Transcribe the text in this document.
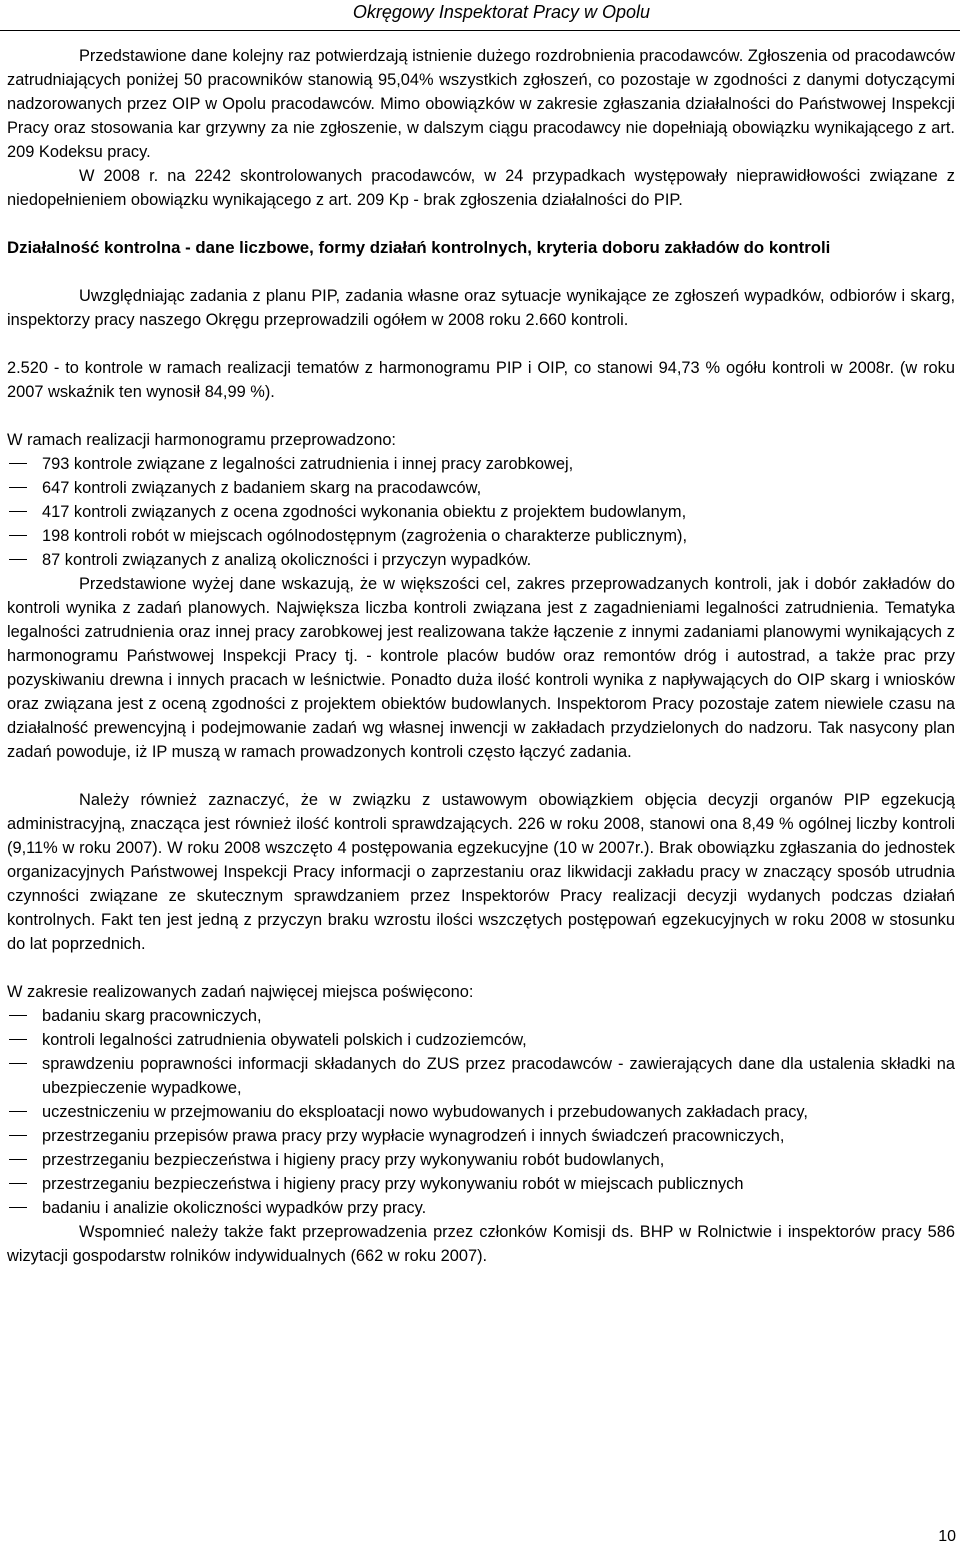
Okręgowy Inspektorat Pracy w Opolu

Przedstawione dane kolejny raz potwierdzają istnienie dużego rozdrobnienia pracodawców. Zgłoszenia od pracodawców zatrudniających poniżej 50 pracowników stanowią 95,04% wszystkich zgłoszeń, co pozostaje w zgodności z danymi dotyczącymi nadzorowanych przez OIP w Opolu pracodawców. Mimo obowiązków w zakresie zgłaszania działalności do Państwowej Inspekcji Pracy oraz stosowania kar grzywny za nie zgłoszenie, w dalszym ciągu pracodawcy nie dopełniają obowiązku wynikającego z art. 209 Kodeksu pracy.

W 2008 r. na 2242 skontrolowanych pracodawców, w 24 przypadkach występowały nieprawidłowości związane z niedopełnieniem obowiązku wynikającego z art. 209 Kp - brak zgłoszenia działalności do PIP.

Działalność kontrolna - dane liczbowe, formy działań kontrolnych, kryteria doboru zakładów do kontroli

Uwzględniając zadania z planu PIP, zadania własne oraz sytuacje wynikające ze zgłoszeń wypadków, odbiorów i skarg, inspektorzy pracy naszego Okręgu przeprowadzili ogółem w 2008 roku 2.660 kontroli.

2.520 - to kontrole w ramach realizacji tematów z harmonogramu PIP i OIP, co stanowi 94,73 % ogółu kontroli w 2008r. (w roku 2007 wskaźnik ten wynosił 84,99 %).

W ramach realizacji harmonogramu przeprowadzono:

793 kontrole związane z legalności zatrudnienia i innej pracy zarobkowej,
647 kontroli związanych z badaniem skarg na pracodawców,
417 kontroli związanych z ocena zgodności wykonania obiektu z projektem budowlanym,
198 kontroli robót w miejscach ogólnodostępnym (zagrożenia o charakterze publicznym),
87 kontroli związanych z analizą okoliczności i przyczyn wypadków.

Przedstawione wyżej dane wskazują, że w większości cel, zakres przeprowadzanych kontroli, jak i dobór zakładów do kontroli wynika z zadań planowych. Największa liczba kontroli związana jest z zagadnieniami legalności zatrudnienia. Tematyka legalności zatrudnienia oraz innej pracy zarobkowej jest realizowana także łączenie z innymi zadaniami planowymi wynikających z harmonogramu Państwowej Inspekcji Pracy tj. - kontrole placów budów oraz remontów dróg i autostrad, a także prac przy pozyskiwaniu drewna i innych pracach w leśnictwie. Ponadto duża ilość kontroli wynika z napływających do OIP skarg i wniosków oraz związana jest z oceną zgodności z projektem obiektów budowlanych. Inspektorom Pracy pozostaje zatem niewiele czasu na działalność prewencyjną i podejmowanie zadań wg własnej inwencji w zakładach przydzielonych do nadzoru. Tak nasycony plan zadań powoduje, iż IP muszą w ramach prowadzonych kontroli często łączyć zadania.

Należy również zaznaczyć, że w związku z ustawowym obowiązkiem objęcia decyzji organów PIP egzekucją administracyjną, znacząca jest również ilość kontroli sprawdzających. 226 w roku 2008, stanowi ona 8,49 % ogólnej liczby kontroli (9,11% w roku 2007). W roku 2008 wszczęto 4 postępowania egzekucyjne (10 w 2007r.). Brak obowiązku zgłaszania do jednostek organizacyjnych Państwowej Inspekcji Pracy informacji o zaprzestaniu oraz likwidacji zakładu pracy w znaczący sposób utrudnia czynności związane ze skutecznym sprawdzaniem przez Inspektorów Pracy realizacji decyzji wydanych podczas działań kontrolnych. Fakt ten jest jedną z przyczyn braku wzrostu ilości wszczętych postępowań egzekucyjnych w roku 2008 w stosunku do lat poprzednich.

W zakresie realizowanych zadań najwięcej miejsca poświęcono:

badaniu skarg pracowniczych,
kontroli legalności zatrudnienia obywateli polskich i cudzoziemców,
sprawdzeniu poprawności informacji składanych do ZUS przez pracodawców - zawierających dane dla ustalenia składki na ubezpieczenie wypadkowe,
uczestniczeniu w przejmowaniu do eksploatacji nowo wybudowanych i przebudowanych zakładach pracy,
przestrzeganiu przepisów prawa pracy przy wypłacie wynagrodzeń i innych świadczeń pracowniczych,
przestrzeganiu bezpieczeństwa i higieny pracy przy wykonywaniu robót budowlanych,
przestrzeganiu bezpieczeństwa i higieny pracy przy wykonywaniu robót w miejscach publicznych
badaniu i analizie okoliczności wypadków przy pracy.

Wspomnieć należy także fakt przeprowadzenia przez członków Komisji ds. BHP w Rolnictwie i inspektorów pracy 586 wizytacji gospodarstw rolników indywidualnych (662 w roku 2007).

10
